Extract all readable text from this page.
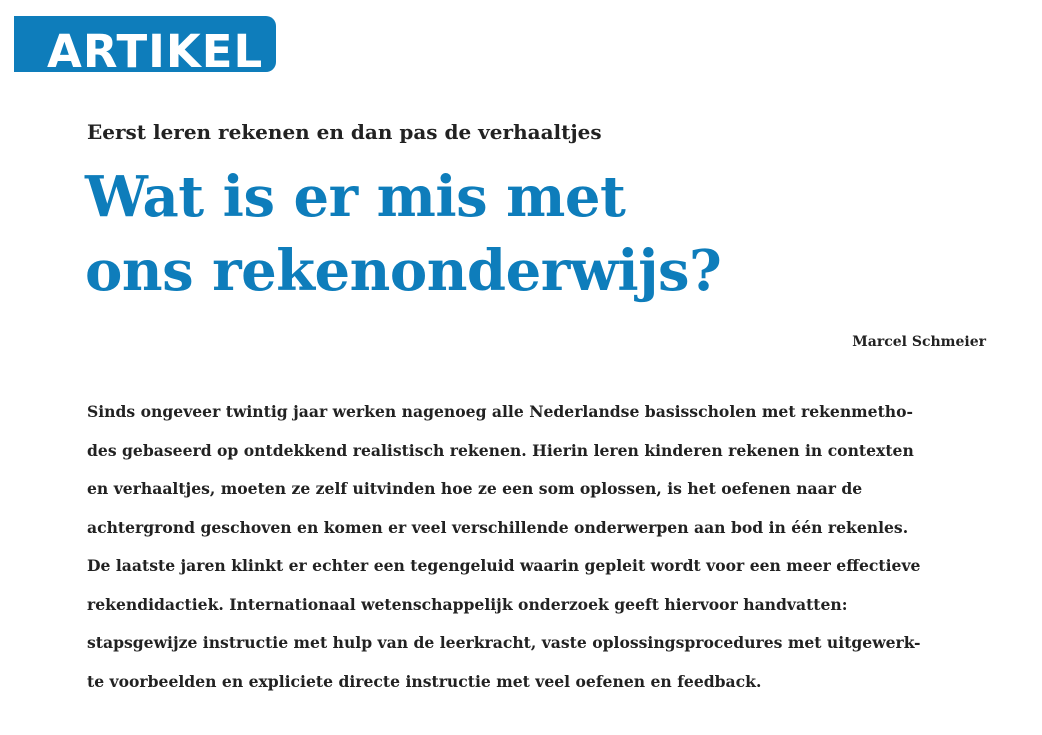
ARTIKEL
Eerst leren rekenen en dan pas de verhaaltjes
Wat is er mis met
ons rekenonderwijs?
Marcel Schmeier

Sinds ongeveer twintig jaar werken nagenoeg alle Nederlandse basisscholen met rekenmetho-
des gebaseerd op ontdekkend realistisch rekenen. Hierin leren kinderen rekenen in contexten
en verhaaltjes, moeten ze zelf uitvinden hoe ze een som oplossen, is het oefenen naar de
achtergrond geschoven en komen er veel verschillende onderwerpen aan bod in één rekenles.
De laatste jaren klinkt er echter een tegengeluid waarin gepleit wordt voor een meer effectieve
rekendidactiek. Internationaal wetenschappelijk onderzoek geeft hiervoor handvatten:
stapsgewijze instructie met hulp van de leerkracht, vaste oplossingsprocedures met uitgewerk-
te voorbeelden en expliciete directe instructie met veel oefenen en feedback.
